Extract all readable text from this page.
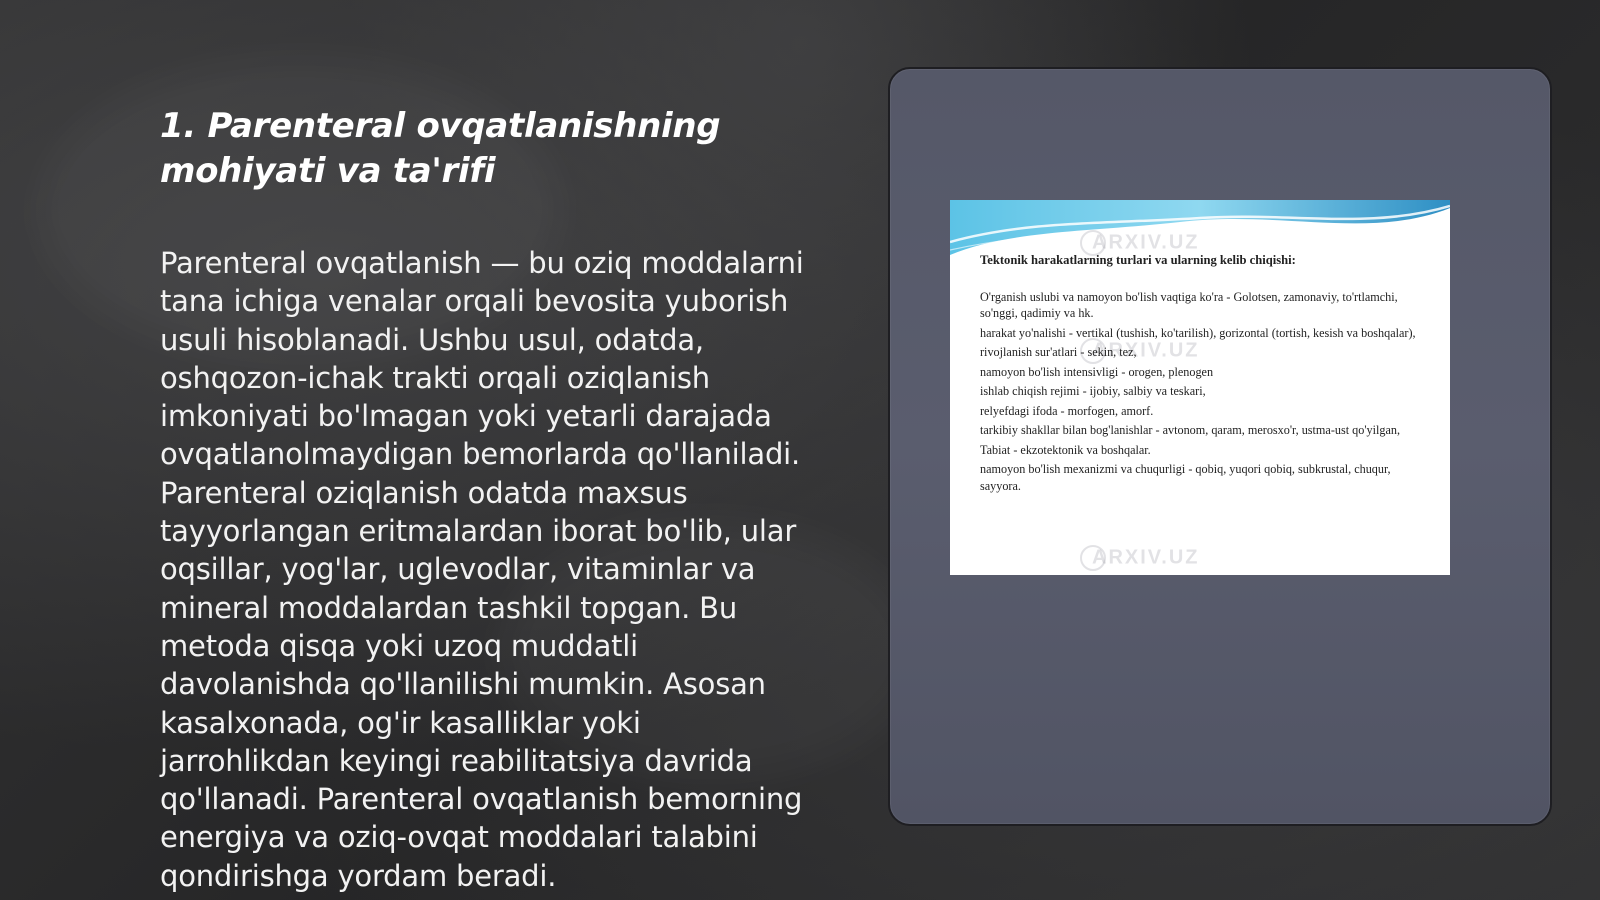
1. Parenteral ovqatlanishning
mohiyati va ta'rifi
Parenteral ovqatlanish — bu oziq moddalarni
tana ichiga venalar orqali bevosita yuborish
usuli hisoblanadi. Ushbu usul, odatda,
oshqozon-ichak trakti orqali oziqlanish
imkoniyati bo'lmagan yoki yetarli darajada
ovqatlanolmaydigan bemorlarda qo'llaniladi.
Parenteral oziqlanish odatda maxsus
tayyorlangan eritmalardan iborat bo'lib, ular
oqsillar, yog'lar, uglevodlar, vitaminlar va
mineral moddalardan tashkil topgan. Bu
metoda qisqa yoki uzoq muddatli
davolanishda qo'llanilishi mumkin. Asosan
kasalxonada, og'ir kasalliklar yoki
jarrohlikdan keyingi reabilitatsiya davrida
qo'llanadi. Parenteral ovqatlanish bemorning
energiya va oziq-ovqat moddalari talabini
qondirishga yordam beradi.
ARXIV.UZ
ARXIV.UZ
ARXIV.UZ

Tektonik harakatlarning turlari va ularning kelib chiqishi:

O'rganish uslubi va namoyon bo'lish vaqtiga ko'ra - Golotsen, zamonaviy, to'rtlamchi, so'nggi, qadimiy va hk.

harakat yo'nalishi - vertikal (tushish, ko'tarilish), gorizontal (tortish, kesish va boshqalar),

rivojlanish sur'atlari - sekin, tez,

namoyon bo'lish intensivligi - orogen, plenogen

ishlab chiqish rejimi - ijobiy, salbiy va teskari,

relyefdagi ifoda - morfogen, amorf.

tarkibiy shakllar bilan bog'lanishlar - avtonom, qaram, merosxo'r, ustma-ust qo'yilgan,

Tabiat - ekzotektonik va boshqalar.

namoyon bo'lish mexanizmi va chuqurligi - qobiq, yuqori qobiq, subkrustal, chuqur, sayyora.
